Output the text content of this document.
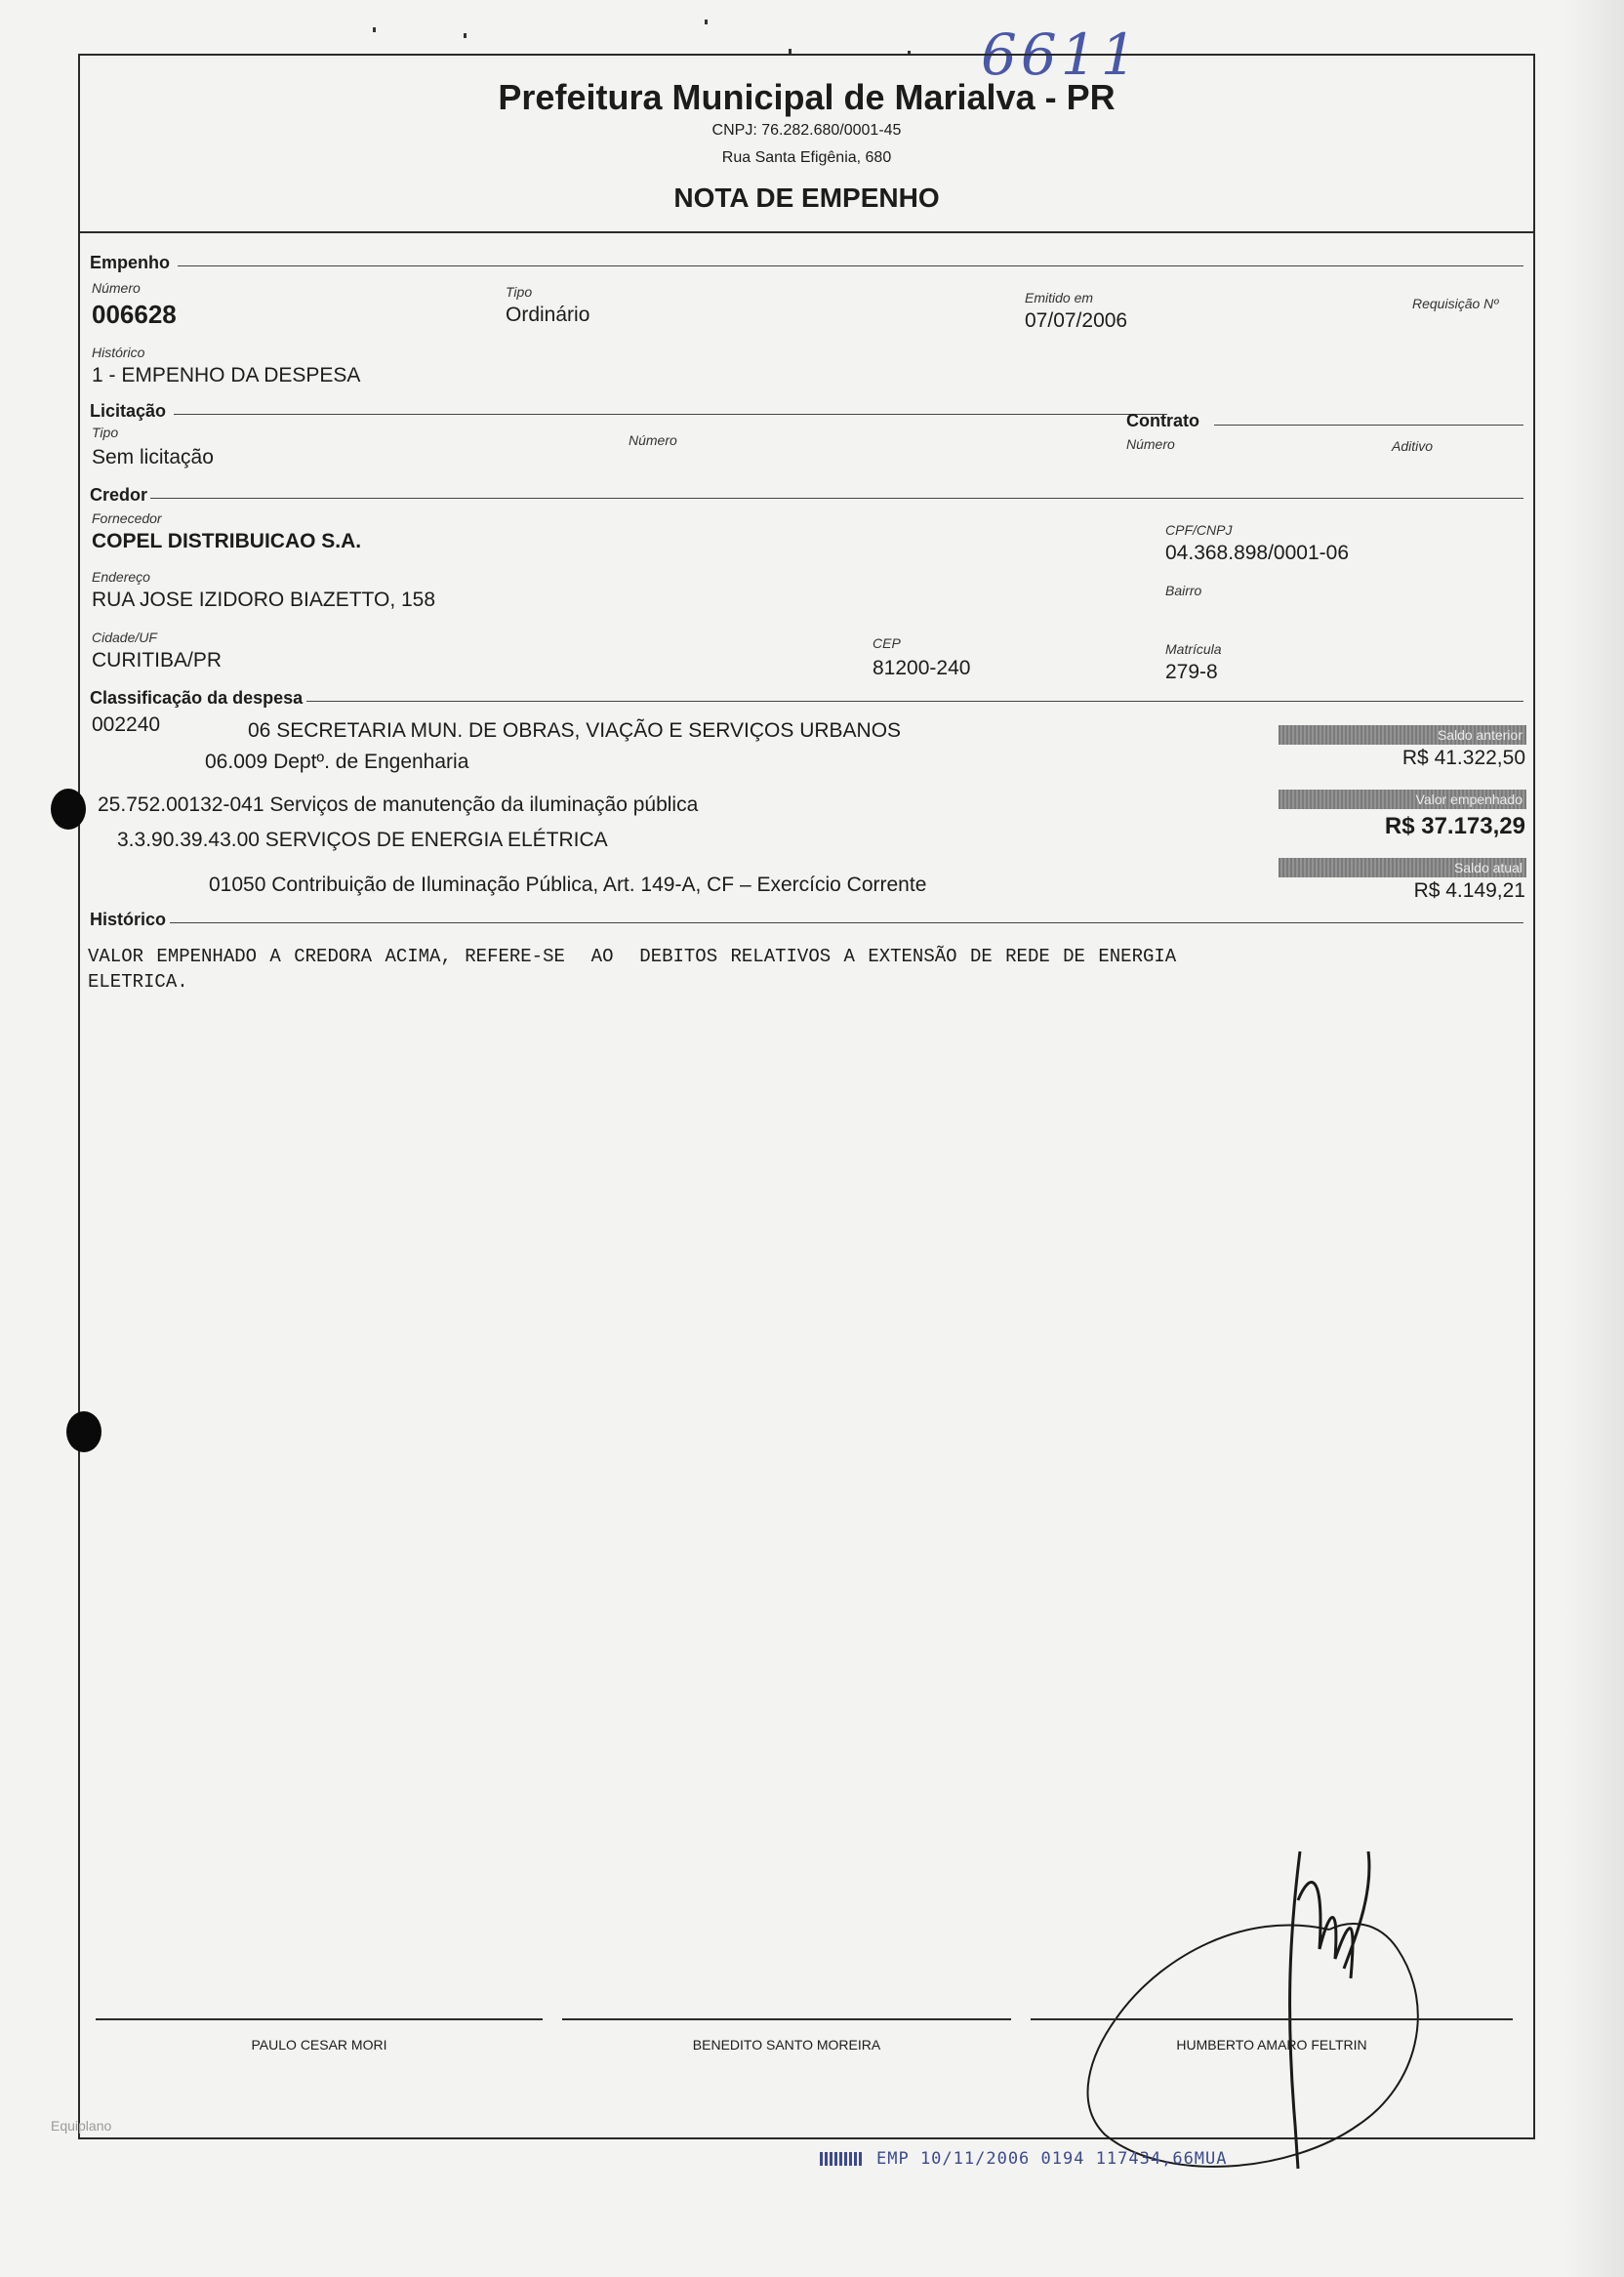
6611
Prefeitura Municipal de Marialva - PR
CNPJ: 76.282.680/0001-45
Rua Santa Efigênia, 680
NOTA DE EMPENHO
Empenho
Número
006628
Tipo
Ordinário
Emitido em
07/07/2006
Requisição Nº
Histórico
1 - EMPENHO DA DESPESA
Licitação
Tipo
Sem licitação
Número
Contrato
Número	Aditivo
Credor
Fornecedor
COPEL DISTRIBUICAO S.A.	CPF/CNPJ
04.368.898/0001-06
Endereço
RUA JOSE IZIDORO BIAZETTO, 158	Bairro
Cidade/UF
CURITIBA/PR
CEP
81200-240
Matrícula
279-8
Classificação da despesa
002240	06 SECRETARIA MUN. DE OBRAS, VIAÇÃO E SERVIÇOS URBANOS
06.009 Deptº. de Engenharia
25.752.00132-041 Serviços de manutenção da iluminação pública
3.3.90.39.43.00 SERVIÇOS DE ENERGIA ELÉTRICA
01050 Contribuição de Iluminação Pública, Art. 149-A, CF – Exercício Corrente
Saldo anterior
R$ 41.322,50
Valor empenhado
R$ 37.173,29
Saldo atual
R$ 4.149,21
Histórico
VALOR EMPENHADO A CREDORA ACIMA, REFERE-SE  AO  DEBITOS RELATIVOS A EXTENSÃO DE REDE DE ENERGIA
ELETRICA.
PAULO CESAR MORI	BENEDITO SANTO MOREIRA	HUMBERTO AMARO FELTRIN
Equiplano
EMP 10/11/2006 0194 117434,66MUA
